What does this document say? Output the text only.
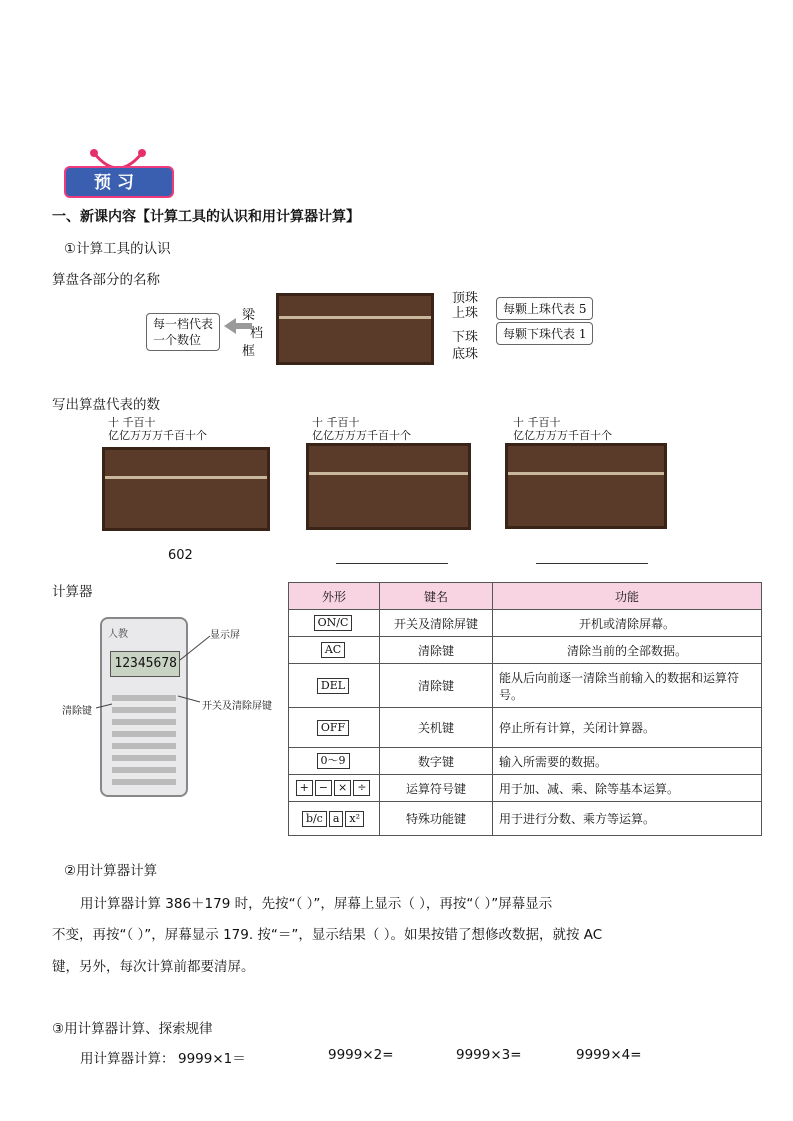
预习
一、新课内容【计算工具的认识和用计算器计算】
①计算工具的认识
算盘各部分的名称
每一档代表
一个数位
梁
档
框
顶珠
上珠
下珠
底珠
每颗上珠代表 5
每颗下珠代表 1
写出算盘代表的数
十 千百十
亿亿万万万千百十个
十 千百十
亿亿万万万千百十个
十 千百十
亿亿万万万千百十个
602
计算器
人教
12345678
显示屏
清除键	开关及清除屏键
外形	键名	功能
ON/C	开关及清除屏键	开机或清除屏幕。
AC	清除键	清除当前的全部数据。
DEL	清除键	能从后向前逐一清除当前输入的数据和运算符号。
OFF	关机键	停止所有计算，关闭计算器。
0～9	数字键	输入所需要的数据。
+ − × ÷	运算符号键	用于加、减、乘、除等基本运算。
b/c a x²	特殊功能键	用于进行分数、乘方等运算。
②用计算器计算
用计算器计算 386＋179 时，先按“（ ）”，屏幕上显示（ ），再按“（ ）”屏幕显示
不变，再按“（ ）”，屏幕显示 179. 按“＝”，显示结果（ ）。如果按错了想修改数据，就按 AC
键，另外，每次计算前都要清屏。
③用计算器计算、探索规律
用计算器计算： 9999×1＝	9999×2=	9999×3=	9999×4=
